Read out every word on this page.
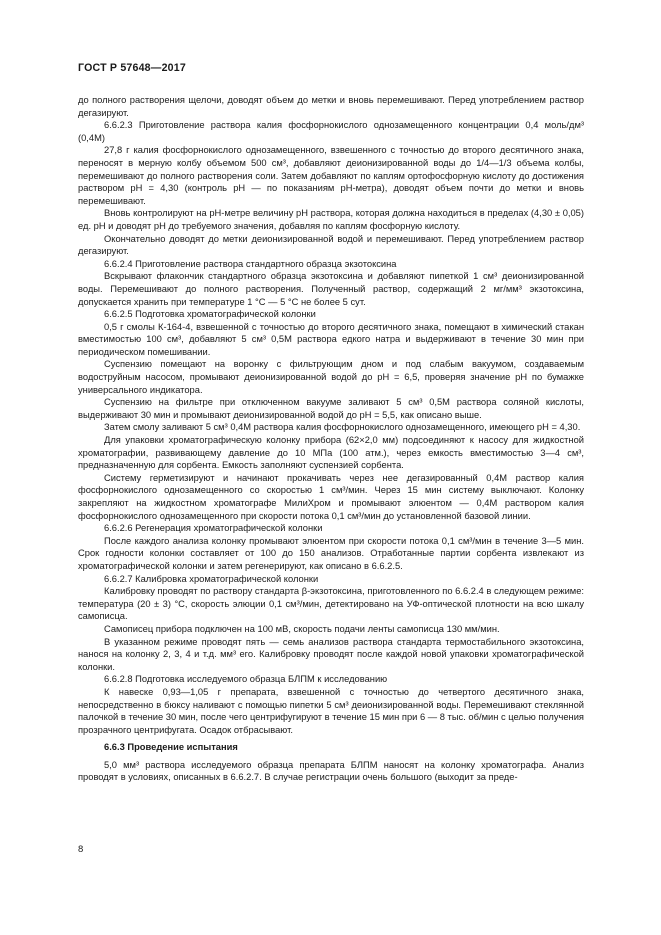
ГОСТ Р 57648—2017

до полного растворения щелочи, доводят объем до метки и вновь перемешивают. Перед употреблением раствор дегазируют.

6.6.2.3 Приготовление раствора калия фосфорнокислого однозамещенного концентрации 0,4 моль/дм³ (0,4М)

27,8 г калия фосфорнокислого однозамещенного, взвешенного с точностью до второго десятичного знака, переносят в мерную колбу объемом 500 см³, добавляют деионизированной воды до 1/4—1/3 объема колбы, перемешивают до полного растворения соли. Затем добавляют по каплям ортофосфорную кислоту до достижения раствором pH = 4,30 (контроль pH — по показаниям pH-метра), доводят объем почти до метки и вновь перемешивают.

Вновь контролируют на pH-метре величину pH раствора, которая должна находиться в пределах (4,30 ± 0,05) ед. pH и доводят pH до требуемого значения, добавляя по каплям фосфорную кислоту.

Окончательно доводят до метки деионизированной водой и перемешивают. Перед употреблением раствор дегазируют.

6.6.2.4 Приготовление раствора стандартного образца экзотоксина

Вскрывают флакончик стандартного образца экзотоксина и добавляют пипеткой 1 см³ деионизированной воды. Перемешивают до полного растворения. Полученный раствор, содержащий 2 мг/мм³ экзотоксина, допускается хранить при температуре 1 °С — 5 °С не более 5 сут.

6.6.2.5 Подготовка хроматографической колонки

0,5 г смолы К-164-4, взвешенной с точностью до второго десятичного знака, помещают в химический стакан вместимостью 100 см³, добавляют 5 см³ 0,5М раствора едкого натра и выдерживают в течение 30 мин при периодическом помешивании.

Суспензию помещают на воронку с фильтрующим дном и под слабым вакуумом, создаваемым водоструйным насосом, промывают деионизированной водой до pH = 6,5, проверяя значение pH по бумажке универсального индикатора.

Суспензию на фильтре при отключенном вакууме заливают 5 см³ 0,5М раствора соляной кислоты, выдерживают 30 мин и промывают деионизированной водой до pH = 5,5, как описано выше.

Затем смолу заливают 5 см³ 0,4М раствора калия фосфорнокислого однозамещенного, имеющего pH = 4,30.

Для упаковки хроматографическую колонку прибора (62×2,0 мм) подсоединяют к насосу для жидкостной хроматографии, развивающему давление до 10 МПа (100 атм.), через емкость вместимостью 3—4 см³, предназначенную для сорбента. Емкость заполняют суспензией сорбента.

Систему герметизируют и начинают прокачивать через нее дегазированный 0,4М раствор калия фосфорнокислого однозамещенного со скоростью 1 см³/мин. Через 15 мин систему выключают. Колонку закрепляют на жидкостном хроматографе МилиХром и промывают элюентом — 0,4М раствором калия фосфорнокислого однозамещенного при скорости потока 0,1 см³/мин до установленной базовой линии.

6.6.2.6 Регенерация хроматографической колонки

После каждого анализа колонку промывают элюентом при скорости потока 0,1 см³/мин в течение 3—5 мин. Срок годности колонки составляет от 100 до 150 анализов. Отработанные партии сорбента извлекают из хроматографической колонки и затем регенерируют, как описано в 6.6.2.5.

6.6.2.7 Калибровка хроматографической колонки

Калибровку проводят по раствору стандарта β-экзотоксина, приготовленного по 6.6.2.4 в следующем режиме: температура (20 ± 3) °С, скорость элюции 0,1 см³/мин, детектировано на УФ-оптической плотности на всю шкалу самописца.

Самописец прибора подключен на 100 мВ, скорость подачи ленты самописца 130 мм/мин.

В указанном режиме проводят пять — семь анализов раствора стандарта термостабильного экзотоксина, нанося на колонку 2, 3, 4 и т.д. мм³ его. Калибровку проводят после каждой новой упаковки хроматографической колонки.

6.6.2.8 Подготовка исследуемого образца БЛПМ к исследованию

К навеске 0,93—1,05 г препарата, взвешенной с точностью до четвертого десятичного знака, непосредственно в бюксу наливают с помощью пипетки 5 см³ деионизированной воды. Перемешивают стеклянной палочкой в течение 30 мин, после чего центрифугируют в течение 15 мин при 6 — 8 тыс. об/мин с целью получения прозрачного центрифугата. Осадок отбрасывают.

6.6.3 Проведение испытания

5,0 мм³ раствора исследуемого образца препарата БЛПМ наносят на колонку хроматографа. Анализ проводят в условиях, описанных в 6.6.2.7. В случае регистрации очень большого (выходит за преде-

8
